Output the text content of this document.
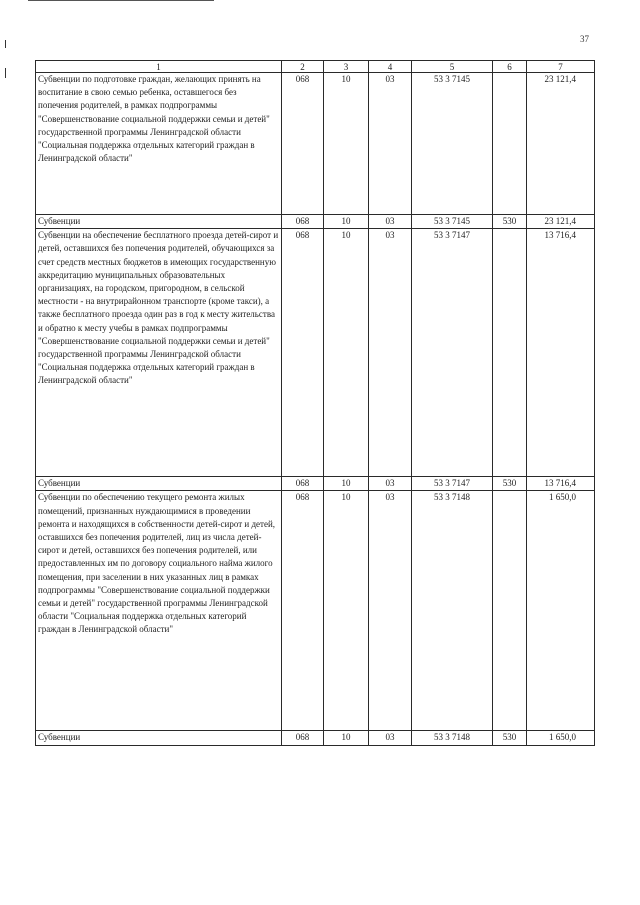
37
1	2	3	4	5	6	7

Субвенции по подготовке граждан, желающих принять на воспитание в свою семью ребенка, оставшегося без попечения родителей, в рамках подпрограммы "Совершенствование социальной поддержки семьи и детей" государственной программы Ленинградской области "Социальная поддержка отдельных категорий граждан в Ленинградской области"	068	10	03	53 3 7145		23 121,4
Субвенции	068	10	03	53 3 7145	530	23 121,4

Субвенции на обеспечение бесплатного проезда детей-сирот и детей, оставшихся без попечения родителей, обучающихся за счет средств местных бюджетов в имеющих государственную аккредитацию муниципальных образовательных организациях, на городском, пригородном, в сельской местности - на внутрирайонном транспорте (кроме такси), а также бесплатного проезда один раз в год к месту жительства и обратно к месту учебы в рамках подпрограммы "Совершенствование социальной поддержки семьи и детей" государственной программы Ленинградской области "Социальная поддержка отдельных категорий граждан в Ленинградской области"	068	10	03	53 3 7147		13 716,4
Субвенции	068	10	03	53 3 7147	530	13 716,4

Субвенции по обеспечению текущего ремонта жилых помещений, признанных нуждающимися в проведении ремонта и находящихся в собственности детей-сирот и детей, оставшихся без попечения родителей, лиц из числа детей-сирот и детей, оставшихся без попечения родителей, или предоставленных им по договору социального найма жилого помещения, при заселении в них указанных лиц в рамках подпрограммы "Совершенствование социальной поддержки семьи и детей" государственной программы Ленинградской области "Социальная поддержка отдельных категорий граждан в Ленинградской области"	068	10	03	53 3 7148		1 650,0
Субвенции	068	10	03	53 3 7148	530	1 650,0
